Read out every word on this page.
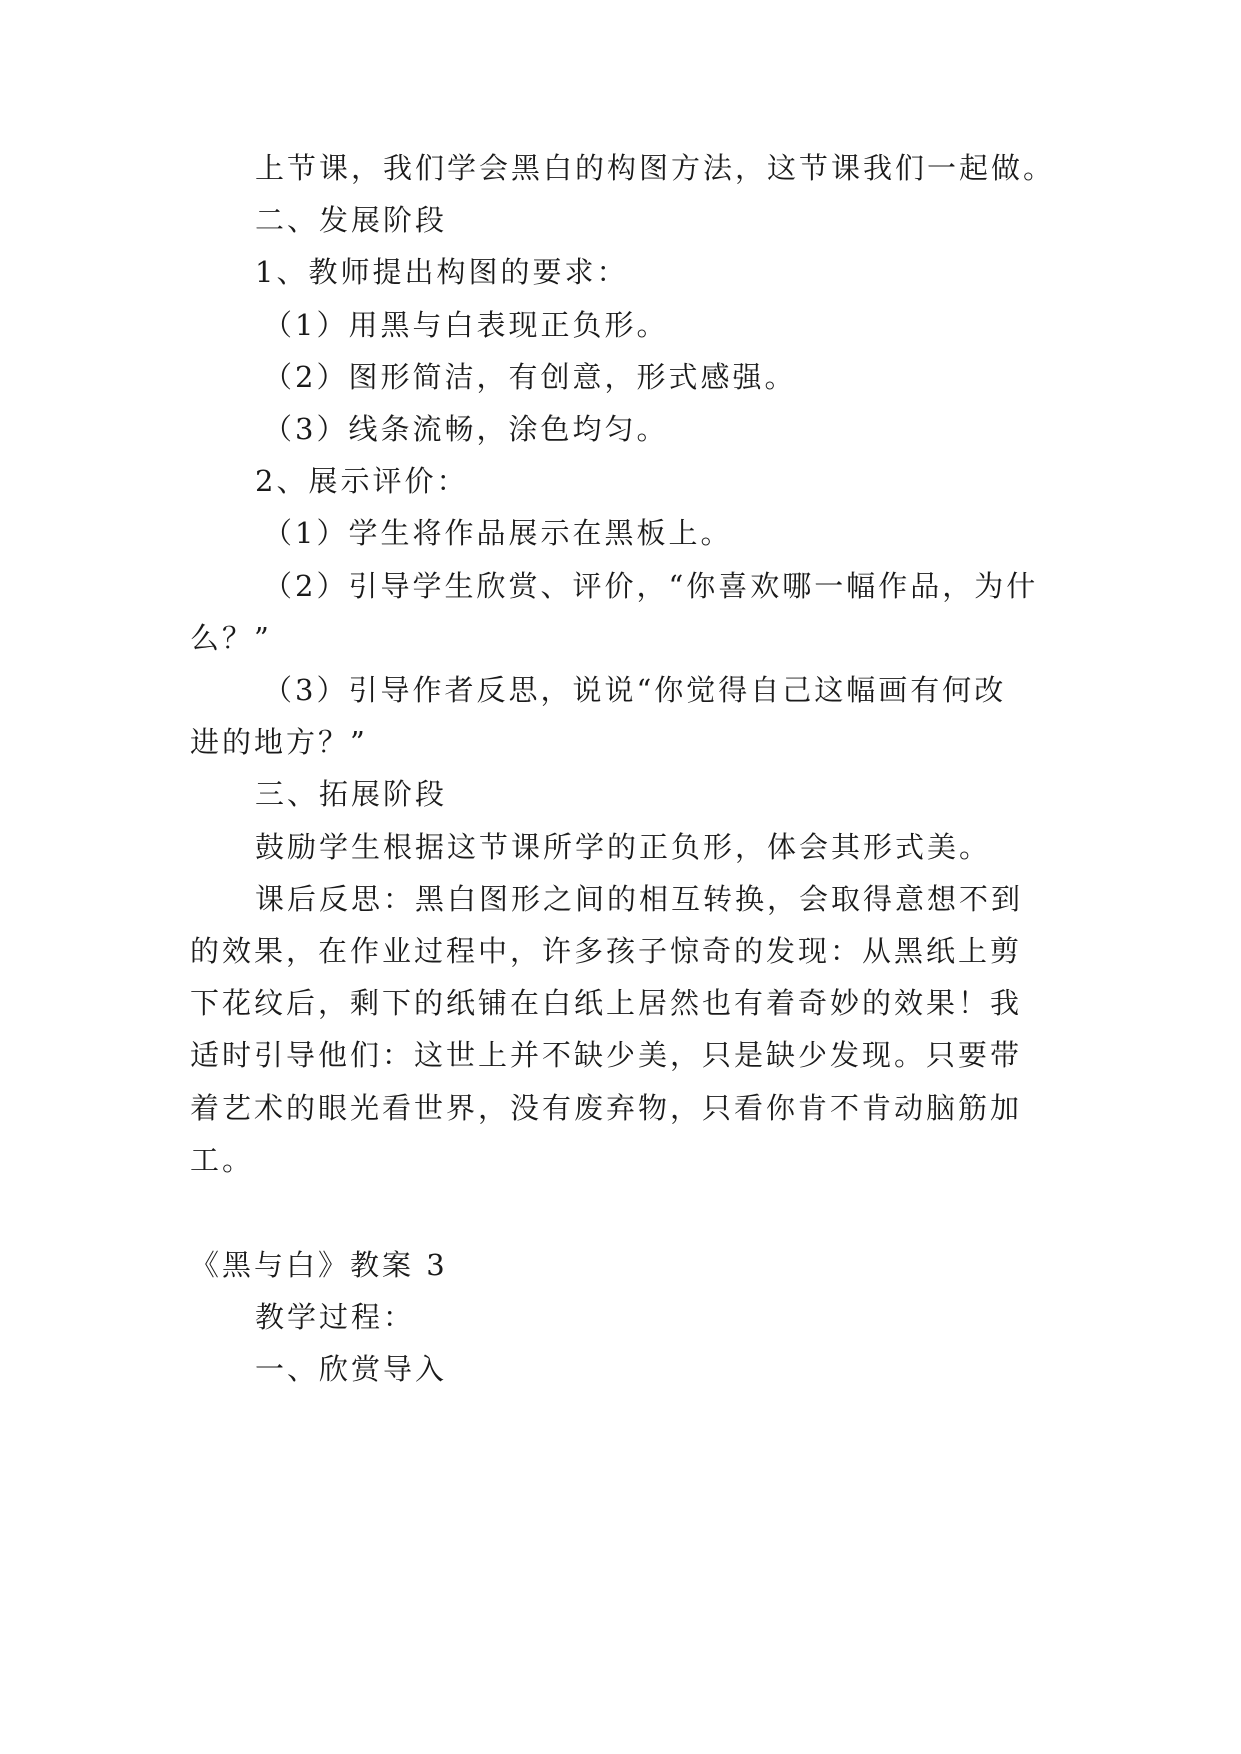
上节课，我们学会黑白的构图方法，这节课我们一起做。
二、发展阶段
1、教师提出构图的要求：
（1）用黑与白表现正负形。
（2）图形简洁，有创意，形式感强。
（3）线条流畅，涂色均匀。
2、展示评价：
（1）学生将作品展示在黑板上。
（2）引导学生欣赏、评价，“你喜欢哪一幅作品，为什
么？”
（3）引导作者反思，说说“你觉得自己这幅画有何改
进的地方？”
三、拓展阶段
鼓励学生根据这节课所学的正负形，体会其形式美。
课后反思：黑白图形之间的相互转换，会取得意想不到
的效果，在作业过程中，许多孩子惊奇的发现：从黑纸上剪
下花纹后，剩下的纸铺在白纸上居然也有着奇妙的效果！我
适时引导他们：这世上并不缺少美，只是缺少发现。只要带
着艺术的眼光看世界，没有废弃物，只看你肯不肯动脑筋加
工。
《黑与白》教案 3
教学过程：
一、欣赏导入
